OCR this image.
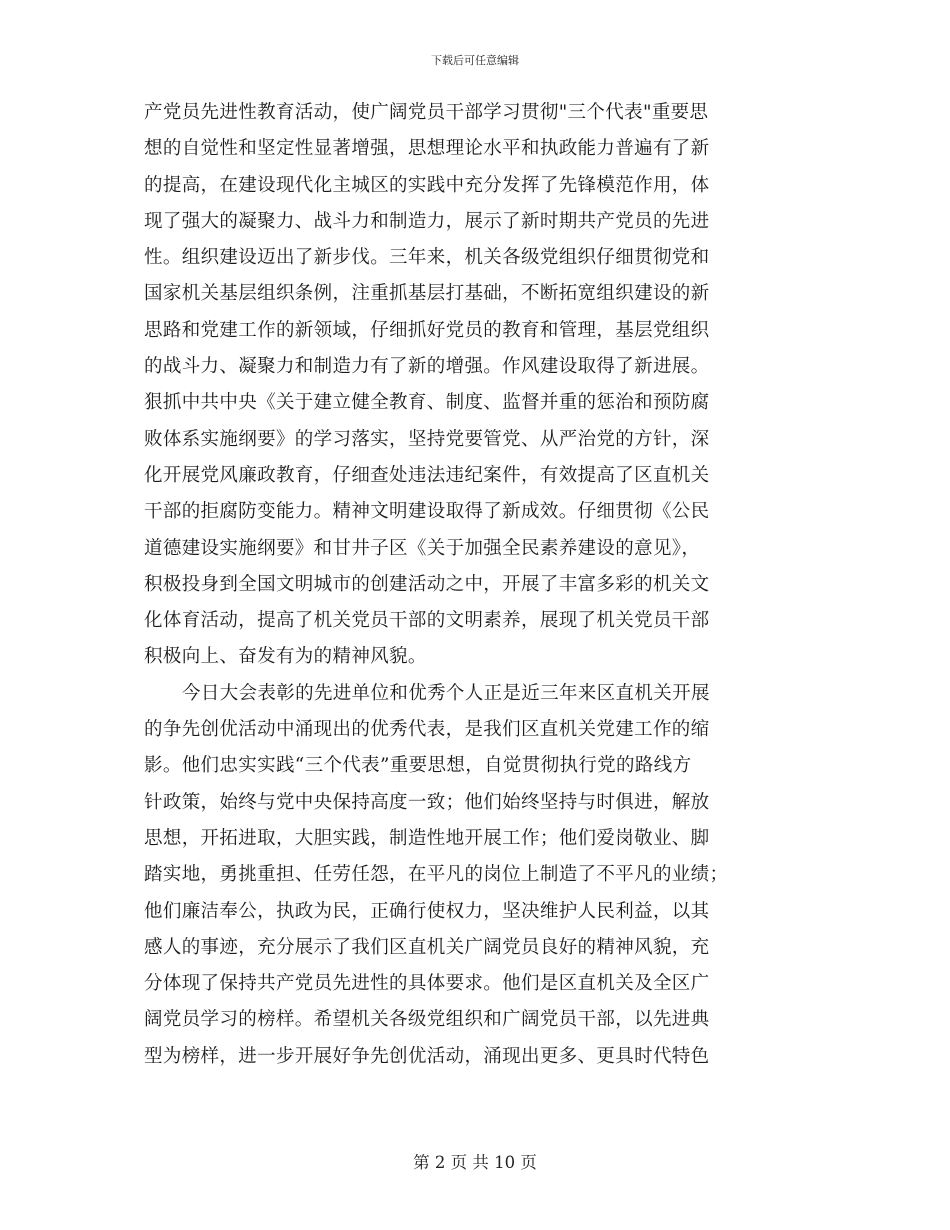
下载后可任意编辑
产党员先进性教育活动，使广阔党员干部学习贯彻"三个代表"重要思
想的自觉性和坚定性显著增强，思想理论水平和执政能力普遍有了新
的提高，在建设现代化主城区的实践中充分发挥了先锋模范作用，体
现了强大的凝聚力、战斗力和制造力，展示了新时期共产党员的先进
性。组织建设迈出了新步伐。三年来，机关各级党组织仔细贯彻党和
国家机关基层组织条例，注重抓基层打基础，不断拓宽组织建设的新
思路和党建工作的新领域，仔细抓好党员的教育和管理，基层党组织
的战斗力、凝聚力和制造力有了新的增强。作风建设取得了新进展。
狠抓中共中央《关于建立健全教育、制度、监督并重的惩治和预防腐
败体系实施纲要》的学习落实，坚持党要管党、从严治党的方针，深
化开展党风廉政教育，仔细查处违法违纪案件，有效提高了区直机关
干部的拒腐防变能力。精神文明建设取得了新成效。仔细贯彻《公民
道德建设实施纲要》和甘井子区《关于加强全民素养建设的意见》，
积极投身到全国文明城市的创建活动之中，开展了丰富多彩的机关文
化体育活动，提高了机关党员干部的文明素养，展现了机关党员干部
积极向上、奋发有为的精神风貌。
今日大会表彰的先进单位和优秀个人正是近三年来区直机关开展
的争先创优活动中涌现出的优秀代表，是我们区直机关党建工作的缩
影。他们忠实实践“三个代表”重要思想，自觉贯彻执行党的路线方
针政策，始终与党中央保持高度一致；他们始终坚持与时俱进，解放
思想，开拓进取，大胆实践，制造性地开展工作；他们爱岗敬业、脚
踏实地，勇挑重担、任劳任怨，在平凡的岗位上制造了不平凡的业绩；
他们廉洁奉公，执政为民，正确行使权力，坚决维护人民利益，以其
感人的事迹，充分展示了我们区直机关广阔党员良好的精神风貌，充
分体现了保持共产党员先进性的具体要求。他们是区直机关及全区广
阔党员学习的榜样。希望机关各级党组织和广阔党员干部，以先进典
型为榜样，进一步开展好争先创优活动，涌现出更多、更具时代特色
第 2 页 共 10 页
